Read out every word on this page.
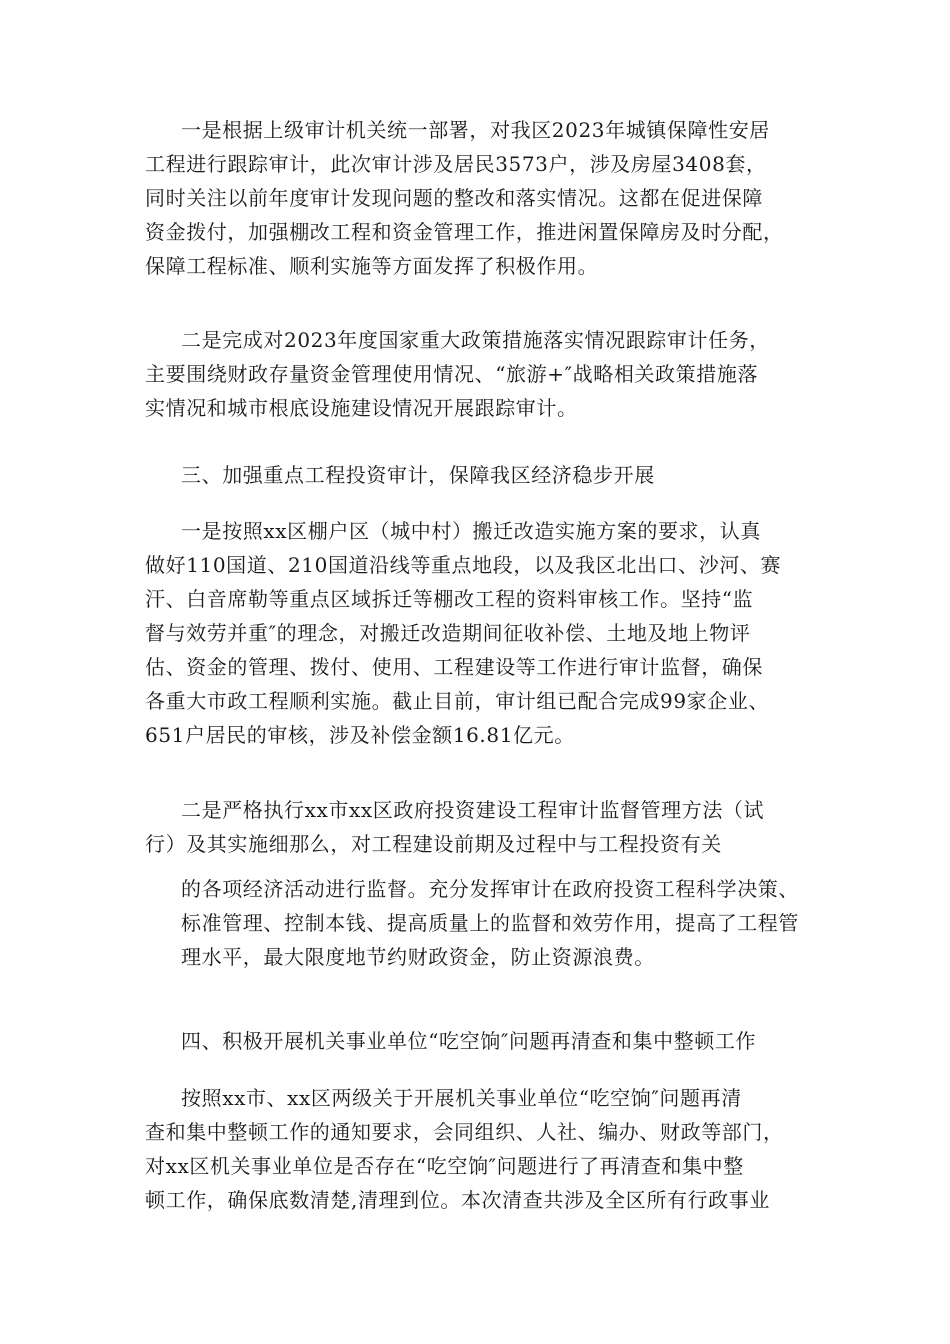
一是根据上级审计机关统一部署，对我区2023年城镇保障性安居
工程进行跟踪审计，此次审计涉及居民3573户，涉及房屋3408套，
同时关注以前年度审计发现问题的整改和落实情况。这都在促进保障
资金拨付，加强棚改工程和资金管理工作，推进闲置保障房及时分配，
保障工程标准、顺利实施等方面发挥了积极作用。
二是完成对2023年度国家重大政策措施落实情况跟踪审计任务，
主要围绕财政存量资金管理使用情况、“旅游+″战略相关政策措施落
实情况和城市根底设施建设情况开展跟踪审计。
三、加强重点工程投资审计，保障我区经济稳步开展
一是按照xx区棚户区（城中村）搬迁改造实施方案的要求，认真
做好110国道、210国道沿线等重点地段，以及我区北出口、沙河、赛
汗、白音席勒等重点区域拆迁等棚改工程的资料审核工作。坚持“监
督与效劳并重″的理念，对搬迁改造期间征收补偿、土地及地上物评
估、资金的管理、拨付、使用、工程建设等工作进行审计监督，确保
各重大市政工程顺利实施。截止目前，审计组已配合完成99家企业、
651户居民的审核，涉及补偿金额16.81亿元。
二是严格执行xx市xx区政府投资建设工程审计监督管理方法（试
行）及其实施细那么，对工程建设前期及过程中与工程投资有关
的各项经济活动进行监督。充分发挥审计在政府投资工程科学决策、
标准管理、控制本钱、提高质量上的监督和效劳作用，提高了工程管
理水平，最大限度地节约财政资金，防止资源浪费。
四、积极开展机关事业单位“吃空饷″问题再清查和集中整顿工作
按照xx市、xx区两级关于开展机关事业单位“吃空饷″问题再清
查和集中整顿工作的通知要求，会同组织、人社、编办、财政等部门，
对xx区机关事业单位是否存在“吃空饷″问题进行了再清查和集中整
顿工作，确保底数清楚,清理到位。本次清查共涉及全区所有行政事业
